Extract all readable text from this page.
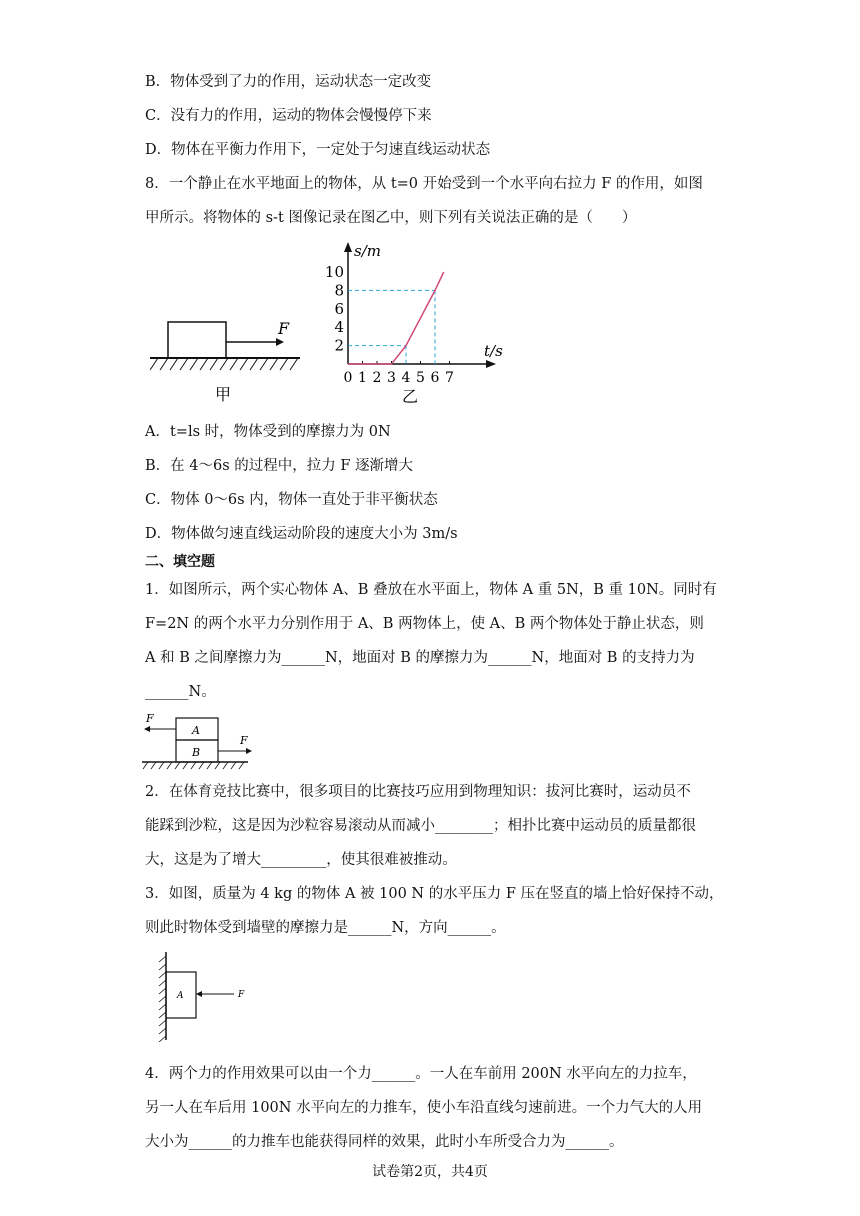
B．物体受到了力的作用，运动状态一定改变
C．没有力的作用，运动的物体会慢慢停下来
D．物体在平衡力作用下，一定处于匀速直线运动状态
8．一个静止在水平地面上的物体，从 t=0 开始受到一个水平向右拉力 F 的作用，如图
甲所示。将物体的 s-t 图像记录在图乙中，则下列有关说法正确的是（　　）
F
甲
s/m
t/s
10
8
6
4
2
0 1 2 3 4 5 6 7
乙
A．t=ls 时，物体受到的摩擦力为 0N
B．在 4～6s 的过程中，拉力 F 逐渐增大
C．物体 0～6s 内，物体一直处于非平衡状态
D．物体做匀速直线运动阶段的速度大小为 3m/s
二、填空题
1．如图所示，两个实心物体 A、B 叠放在水平面上，物体 A 重 5N，B 重 10N。同时有
F=2N 的两个水平力分别作用于 A、B 两物体上，使 A、B 两个物体处于静止状态，则
A 和 B 之间摩擦力为______N，地面对 B 的摩擦力为______N，地面对 B 的支持力为
______N。
A
B
F
F
2．在体育竞技比赛中，很多项目的比赛技巧应用到物理知识：拔河比赛时，运动员不
能踩到沙粒，这是因为沙粒容易滚动从而减小________；相扑比赛中运动员的质量都很
大，这是为了增大_________，使其很难被推动。
3．如图，质量为 4 kg 的物体 A 被 100 N 的水平压力 F 压在竖直的墙上恰好保持不动，
则此时物体受到墙壁的摩擦力是______N，方向______。
A	F
4．两个力的作用效果可以由一个力______。一人在车前用 200N 水平向左的力拉车，
另一人在车后用 100N 水平向左的力推车，使小车沿直线匀速前进。一个力气大的人用
大小为______的力推车也能获得同样的效果，此时小车所受合力为______。
试卷第2页，共4页
